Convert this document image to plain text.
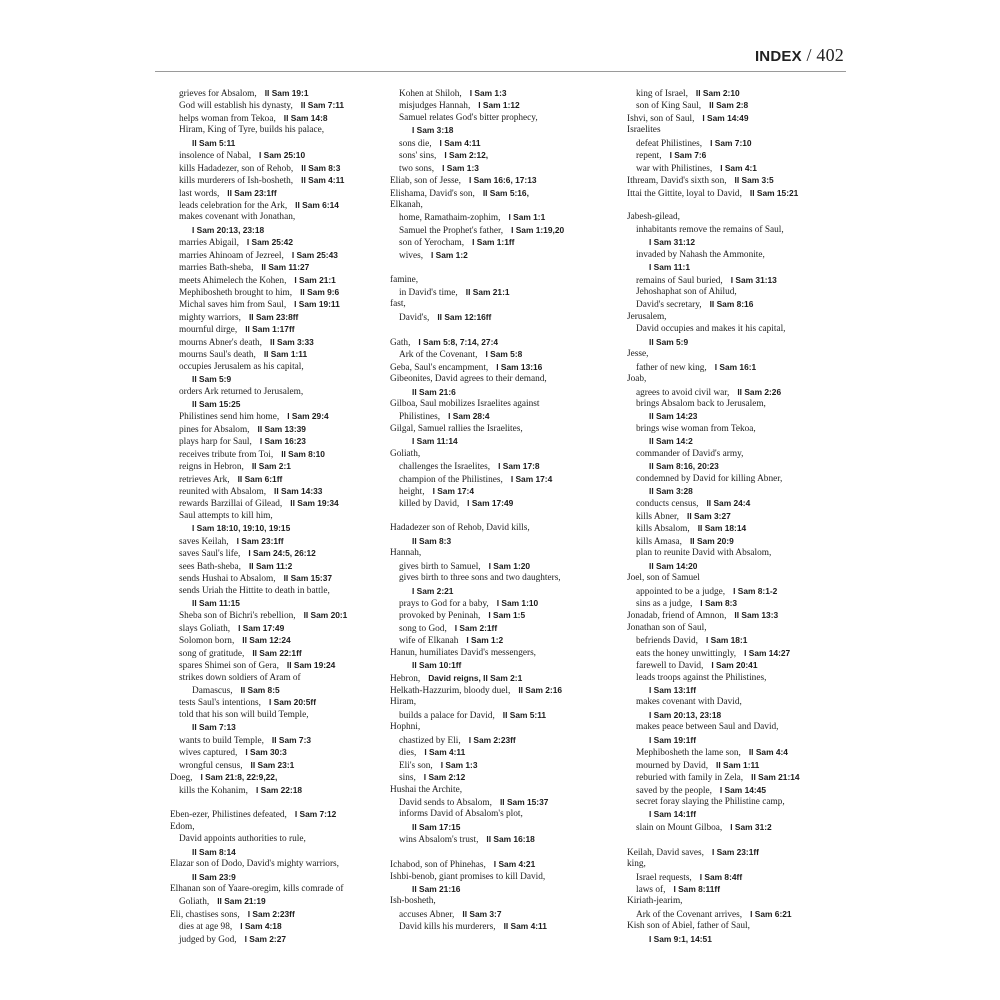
INDEX / 402
grieves for Absalom, II Sam 19:1
God will establish his dynasty, II Sam 7:11
helps woman from Tekoa, II Sam 14:8
Hiram, King of Tyre, builds his palace,
II Sam 5:11
insolence of Nabal, I Sam 25:10
kills Hadadezer, son of Rehob, II Sam 8:3
kills murderers of Ish-bosheth, II Sam 4:11
last words, II Sam 23:1ff
leads celebration for the Ark, II Sam 6:14
makes covenant with Jonathan,
I Sam 20:13, 23:18
marries Abigail, I Sam 25:42
marries Ahinoam of Jezreel, I Sam 25:43
marries Bath-sheba, II Sam 11:27
meets Ahimelech the Kohen, I Sam 21:1
Mephibosheth brought to him, II Sam 9:6
Michal saves him from Saul, I Sam 19:11
mighty warriors, II Sam 23:8ff
mournful dirge, II Sam 1:17ff
mourns Abner's death, II Sam 3:33
mourns Saul's death, II Sam 1:11
occupies Jerusalem as his capital,
II Sam 5:9
orders Ark returned to Jerusalem,
II Sam 15:25
Philistines send him home, I Sam 29:4
pines for Absalom, II Sam 13:39
plays harp for Saul, I Sam 16:23
receives tribute from Toi, II Sam 8:10
reigns in Hebron, II Sam 2:1
retrieves Ark, II Sam 6:1ff
reunited with Absalom, II Sam 14:33
rewards Barzillai of Gilead, II Sam 19:34
Saul attempts to kill him,
I Sam 18:10, 19:10, 19:15
saves Keilah, I Sam 23:1ff
saves Saul's life, I Sam 24:5, 26:12
sees Bath-sheba, II Sam 11:2
sends Hushai to Absalom, II Sam 15:37
sends Uriah the Hittite to death in battle,
II Sam 11:15
Sheba son of Bichri's rebellion, II Sam 20:1
slays Goliath, I Sam 17:49
Solomon born, II Sam 12:24
song of gratitude, II Sam 22:1ff
spares Shimei son of Gera, II Sam 19:24
strikes down soldiers of Aram of
Damascus, II Sam 8:5
tests Saul's intentions, I Sam 20:5ff
told that his son will build Temple,
II Sam 7:13
wants to build Temple, II Sam 7:3
wives captured, I Sam 30:3
wrongful census, II Sam 23:1
Doeg, I Sam 21:8, 22:9,22,
kills the Kohanim, I Sam 22:18
Eben-ezer, Philistines defeated, I Sam 7:12
Edom,
David appoints authorities to rule,
II Sam 8:14
Elazar son of Dodo, David's mighty warriors,
II Sam 23:9
Elhanan son of Yaare-oregim, kills comrade of
Goliath, II Sam 21:19
Eli, chastises sons, I Sam 2:23ff
dies at age 98, I Sam 4:18
judged by God, I Sam 2:27
Kohen at Shiloh, I Sam 1:3
misjudges Hannah, I Sam 1:12
Samuel relates God's bitter prophecy,
I Sam 3:18
sons die, I Sam 4:11
sons' sins, I Sam 2:12,
two sons, I Sam 1:3
Eliab, son of Jesse, I Sam 16:6, 17:13
Elishama, David's son, II Sam 5:16,
Elkanah,
home, Ramathaim-zophim, I Sam 1:1
Samuel the Prophet's father, I Sam 1:19,20
son of Yerocham, I Sam 1:1ff
wives, I Sam 1:2
famine,
in David's time, II Sam 21:1
fast,
David's, II Sam 12:16ff
Gath, I Sam 5:8, 7:14, 27:4
Ark of the Covenant, I Sam 5:8
Geba, Saul's encampment, I Sam 13:16
Gibeonites, David agrees to their demand,
II Sam 21:6
Gilboa, Saul mobilizes Israelites against
Philistines, I Sam 28:4
Gilgal, Samuel rallies the Israelites,
I Sam 11:14
Goliath,
challenges the Israelites, I Sam 17:8
champion of the Philistines, I Sam 17:4
height, I Sam 17:4
killed by David, I Sam 17:49
Hadadezer son of Rehob, David kills,
II Sam 8:3
Hannah,
gives birth to Samuel, I Sam 1:20
gives birth to three sons and two daughters,
I Sam 2:21
prays to God for a baby, I Sam 1:10
provoked by Peninah, I Sam 1:5
song to God, I Sam 2:1ff
wife of Elkanah I Sam 1:2
Hanun, humiliates David's messengers,
II Sam 10:1ff
Hebron, David reigns, II Sam 2:1
Helkath-Hazzurim, bloody duel, II Sam 2:16
Hiram,
builds a palace for David, II Sam 5:11
Hophni,
chastized by Eli, I Sam 2:23ff
dies, I Sam 4:11
Eli's son, I Sam 1:3
sins, I Sam 2:12
Hushai the Archite,
David sends to Absalom, II Sam 15:37
informs David of Absalom's plot,
II Sam 17:15
wins Absalom's trust, II Sam 16:18
Ichabod, son of Phinehas, I Sam 4:21
Ishbi-benob, giant promises to kill David,
II Sam 21:16
Ish-bosheth,
accuses Abner, II Sam 3:7
David kills his murderers, II Sam 4:11
king of Israel, II Sam 2:10
son of King Saul, II Sam 2:8
Ishvi, son of Saul, I Sam 14:49
Israelites
defeat Philistines, I Sam 7:10
repent, I Sam 7:6
war with Philistines, I Sam 4:1
Ithream, David's sixth son, II Sam 3:5
Ittai the Gittite, loyal to David, II Sam 15:21
Jabesh-gilead,
inhabitants remove the remains of Saul,
I Sam 31:12
invaded by Nahash the Ammonite,
I Sam 11:1
remains of Saul buried, I Sam 31:13
Jehoshaphat son of Ahilud,
David's secretary, II Sam 8:16
Jerusalem,
David occupies and makes it his capital,
II Sam 5:9
Jesse,
father of new king, I Sam 16:1
Joab,
agrees to avoid civil war, II Sam 2:26
brings Absalom back to Jerusalem,
II Sam 14:23
brings wise woman from Tekoa,
II Sam 14:2
commander of David's army,
II Sam 8:16, 20:23
condemned by David for killing Abner,
II Sam 3:28
conducts census, II Sam 24:4
kills Abner, II Sam 3:27
kills Absalom, II Sam 18:14
kills Amasa, II Sam 20:9
plan to reunite David with Absalom,
II Sam 14:20
Joel, son of Samuel
appointed to be a judge, I Sam 8:1-2
sins as a judge, I Sam 8:3
Jonadab, friend of Amnon, II Sam 13:3
Jonathan son of Saul,
befriends David, I Sam 18:1
eats the honey unwittingly, I Sam 14:27
farewell to David, I Sam 20:41
leads troops against the Philistines,
I Sam 13:1ff
makes covenant with David,
I Sam 20:13, 23:18
makes peace between Saul and David,
I Sam 19:1ff
Mephibosheth the lame son, II Sam 4:4
mourned by David, II Sam 1:11
reburied with family in Zela, II Sam 21:14
saved by the people, I Sam 14:45
secret foray slaying the Philistine camp,
I Sam 14:1ff
slain on Mount Gilboa, I Sam 31:2
Keilah, David saves, I Sam 23:1ff
king,
Israel requests, I Sam 8:4ff
laws of, I Sam 8:11ff
Kiriath-jearim,
Ark of the Covenant arrives, I Sam 6:21
Kish son of Abiel, father of Saul,
I Sam 9:1, 14:51
